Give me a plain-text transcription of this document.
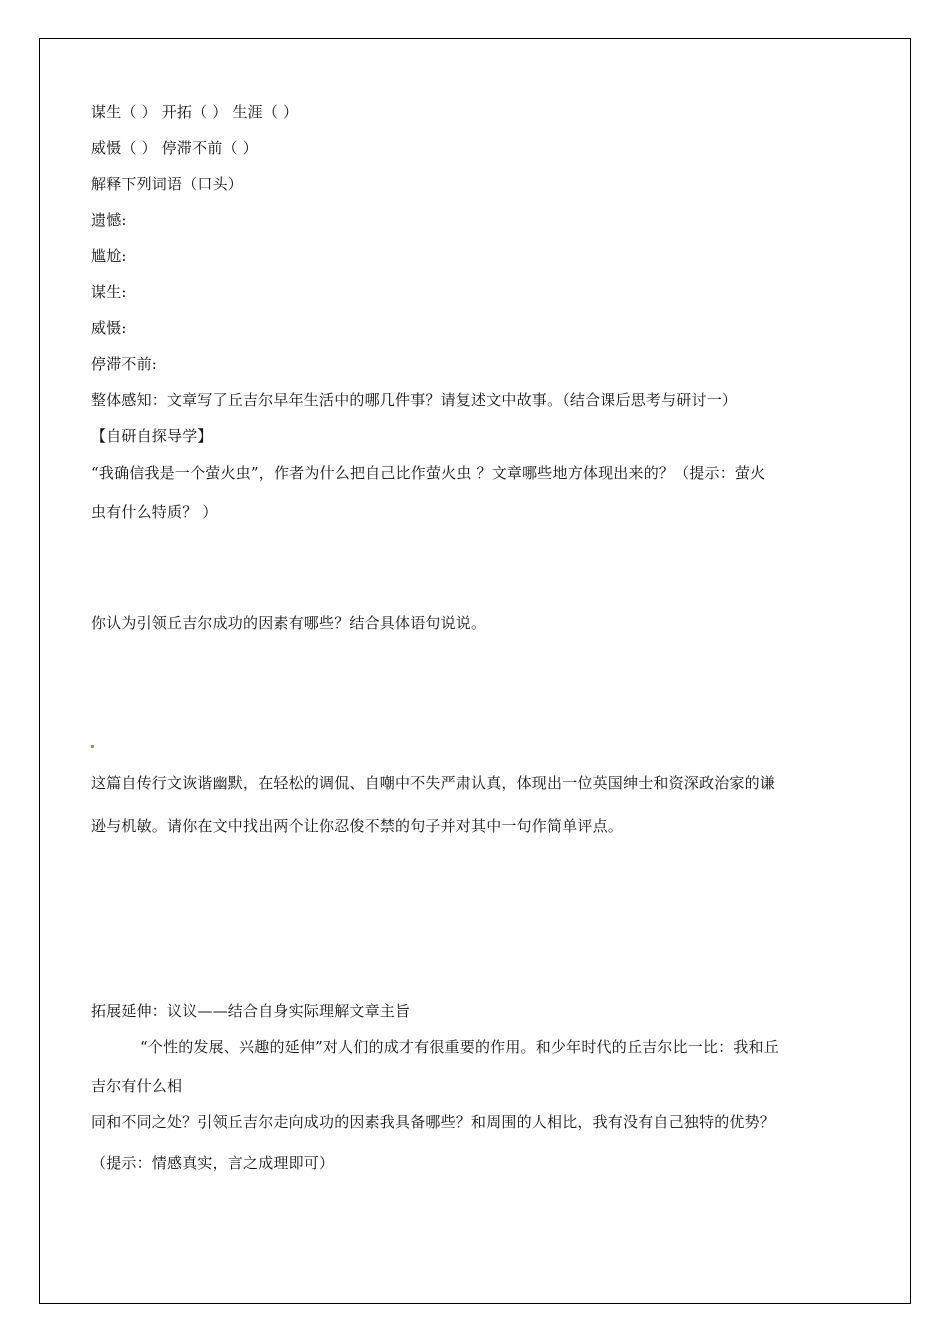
谋生（ ） 开拓（ ） 生涯（ ）
威慑（ ） 停滞不前（ ）
解释下列词语（口头）
遗憾:
尴尬:
谋生:
威慑:
停滞不前:
整体感知：文章写了丘吉尔早年生活中的哪几件事？请复述文中故事。（结合课后思考与研讨一）
【自研自探导学】
“我确信我是一个萤火虫”，作者为什么把自己比作萤火虫 ？文章哪些地方体现出来的？（提示：萤火
虫有什么特质？ ）
你认为引领丘吉尔成功的因素有哪些？结合具体语句说说。
这篇自传行文诙谐幽默，在轻松的调侃、自嘲中不失严肃认真，体现出一位英国绅士和资深政治家的谦
逊与机敏。请你在文中找出两个让你忍俊不禁的句子并对其中一句作简单评点。
拓展延伸：议议——结合自身实际理解文章主旨
“个性的发展、兴趣的延伸”对人们的成才有很重要的作用。和少年时代的丘吉尔比一比：我和丘
吉尔有什么相
同和不同之处？引领丘吉尔走向成功的因素我具备哪些？和周围的人相比，我有没有自己独特的优势？
（提示：情感真实，言之成理即可）
